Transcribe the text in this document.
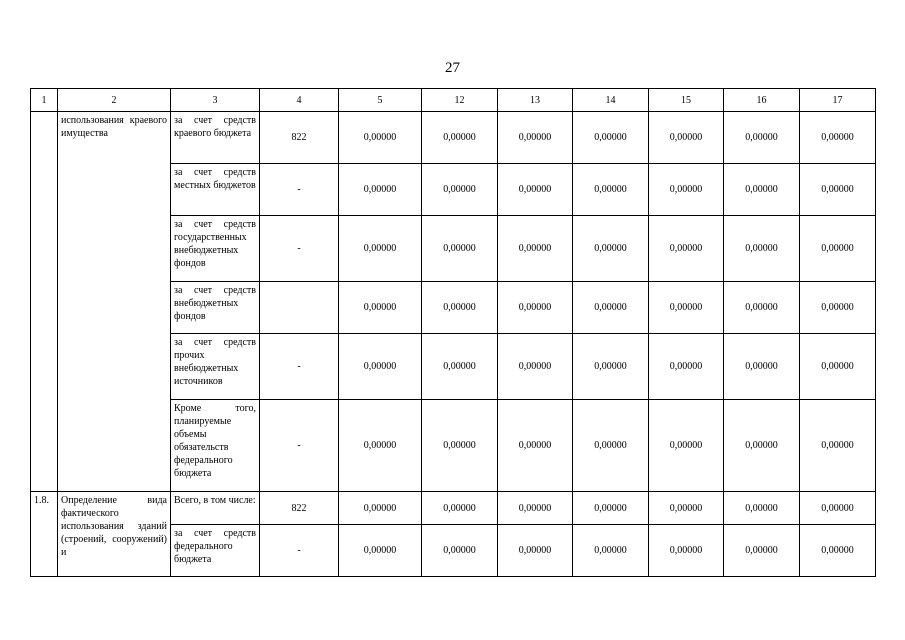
27
1	2	3	4	5	12	13	14	15	16	17
	использования краевого имущества	за счет средств краевого бюджета	822	0,00000	0,00000	0,00000	0,00000	0,00000	0,00000	0,00000
		за счет средств местных бюджетов	-	0,00000	0,00000	0,00000	0,00000	0,00000	0,00000	0,00000
		за счет средств государственных внебюджетных фондов	-	0,00000	0,00000	0,00000	0,00000	0,00000	0,00000	0,00000
		за счет средств внебюджетных фондов		0,00000	0,00000	0,00000	0,00000	0,00000	0,00000	0,00000
		за счет средств прочих внебюджетных источников	-	0,00000	0,00000	0,00000	0,00000	0,00000	0,00000	0,00000
		Кроме того, планируемые объемы обязательств федерального бюджета	-	0,00000	0,00000	0,00000	0,00000	0,00000	0,00000	0,00000
1.8.	Определение вида фактического использования зданий (строений, сооружений) и	Всего, в том числе:	822	0,00000	0,00000	0,00000	0,00000	0,00000	0,00000	0,00000
		за счет средств федерального бюджета	-	0,00000	0,00000	0,00000	0,00000	0,00000	0,00000	0,00000
